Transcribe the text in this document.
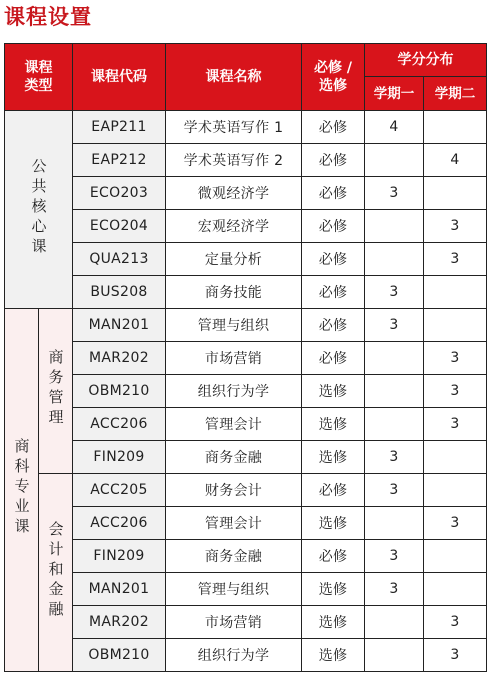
课程设置
课程
类型		课程代码	课程名称	必修 /
选修	学分分布	
					学期一	学期二
公共核心课		EAP211	学术英语写作 1	必修	4	
		EAP212	学术英语写作 2	必修		4
		ECO203	微观经济学	必修	3	
		ECO204	宏观经济学	必修		3
		QUA213	定量分析	必修		3
		BUS208	商务技能	必修	3	
商科专业课	商务管理	MAN201	管理与组织	必修	3	
		MAR202	市场营销	必修		3
		OBM210	组织行为学	选修		3
		ACC206	管理会计	选修		3
		FIN209	商务金融	选修	3	
	会计和金融	ACC205	财务会计	必修	3	
		ACC206	管理会计	选修		3
		FIN209	商务金融	必修	3	
		MAN201	管理与组织	选修	3	
		MAR202	市场营销	选修		3
		OBM210	组织行为学	选修		3
